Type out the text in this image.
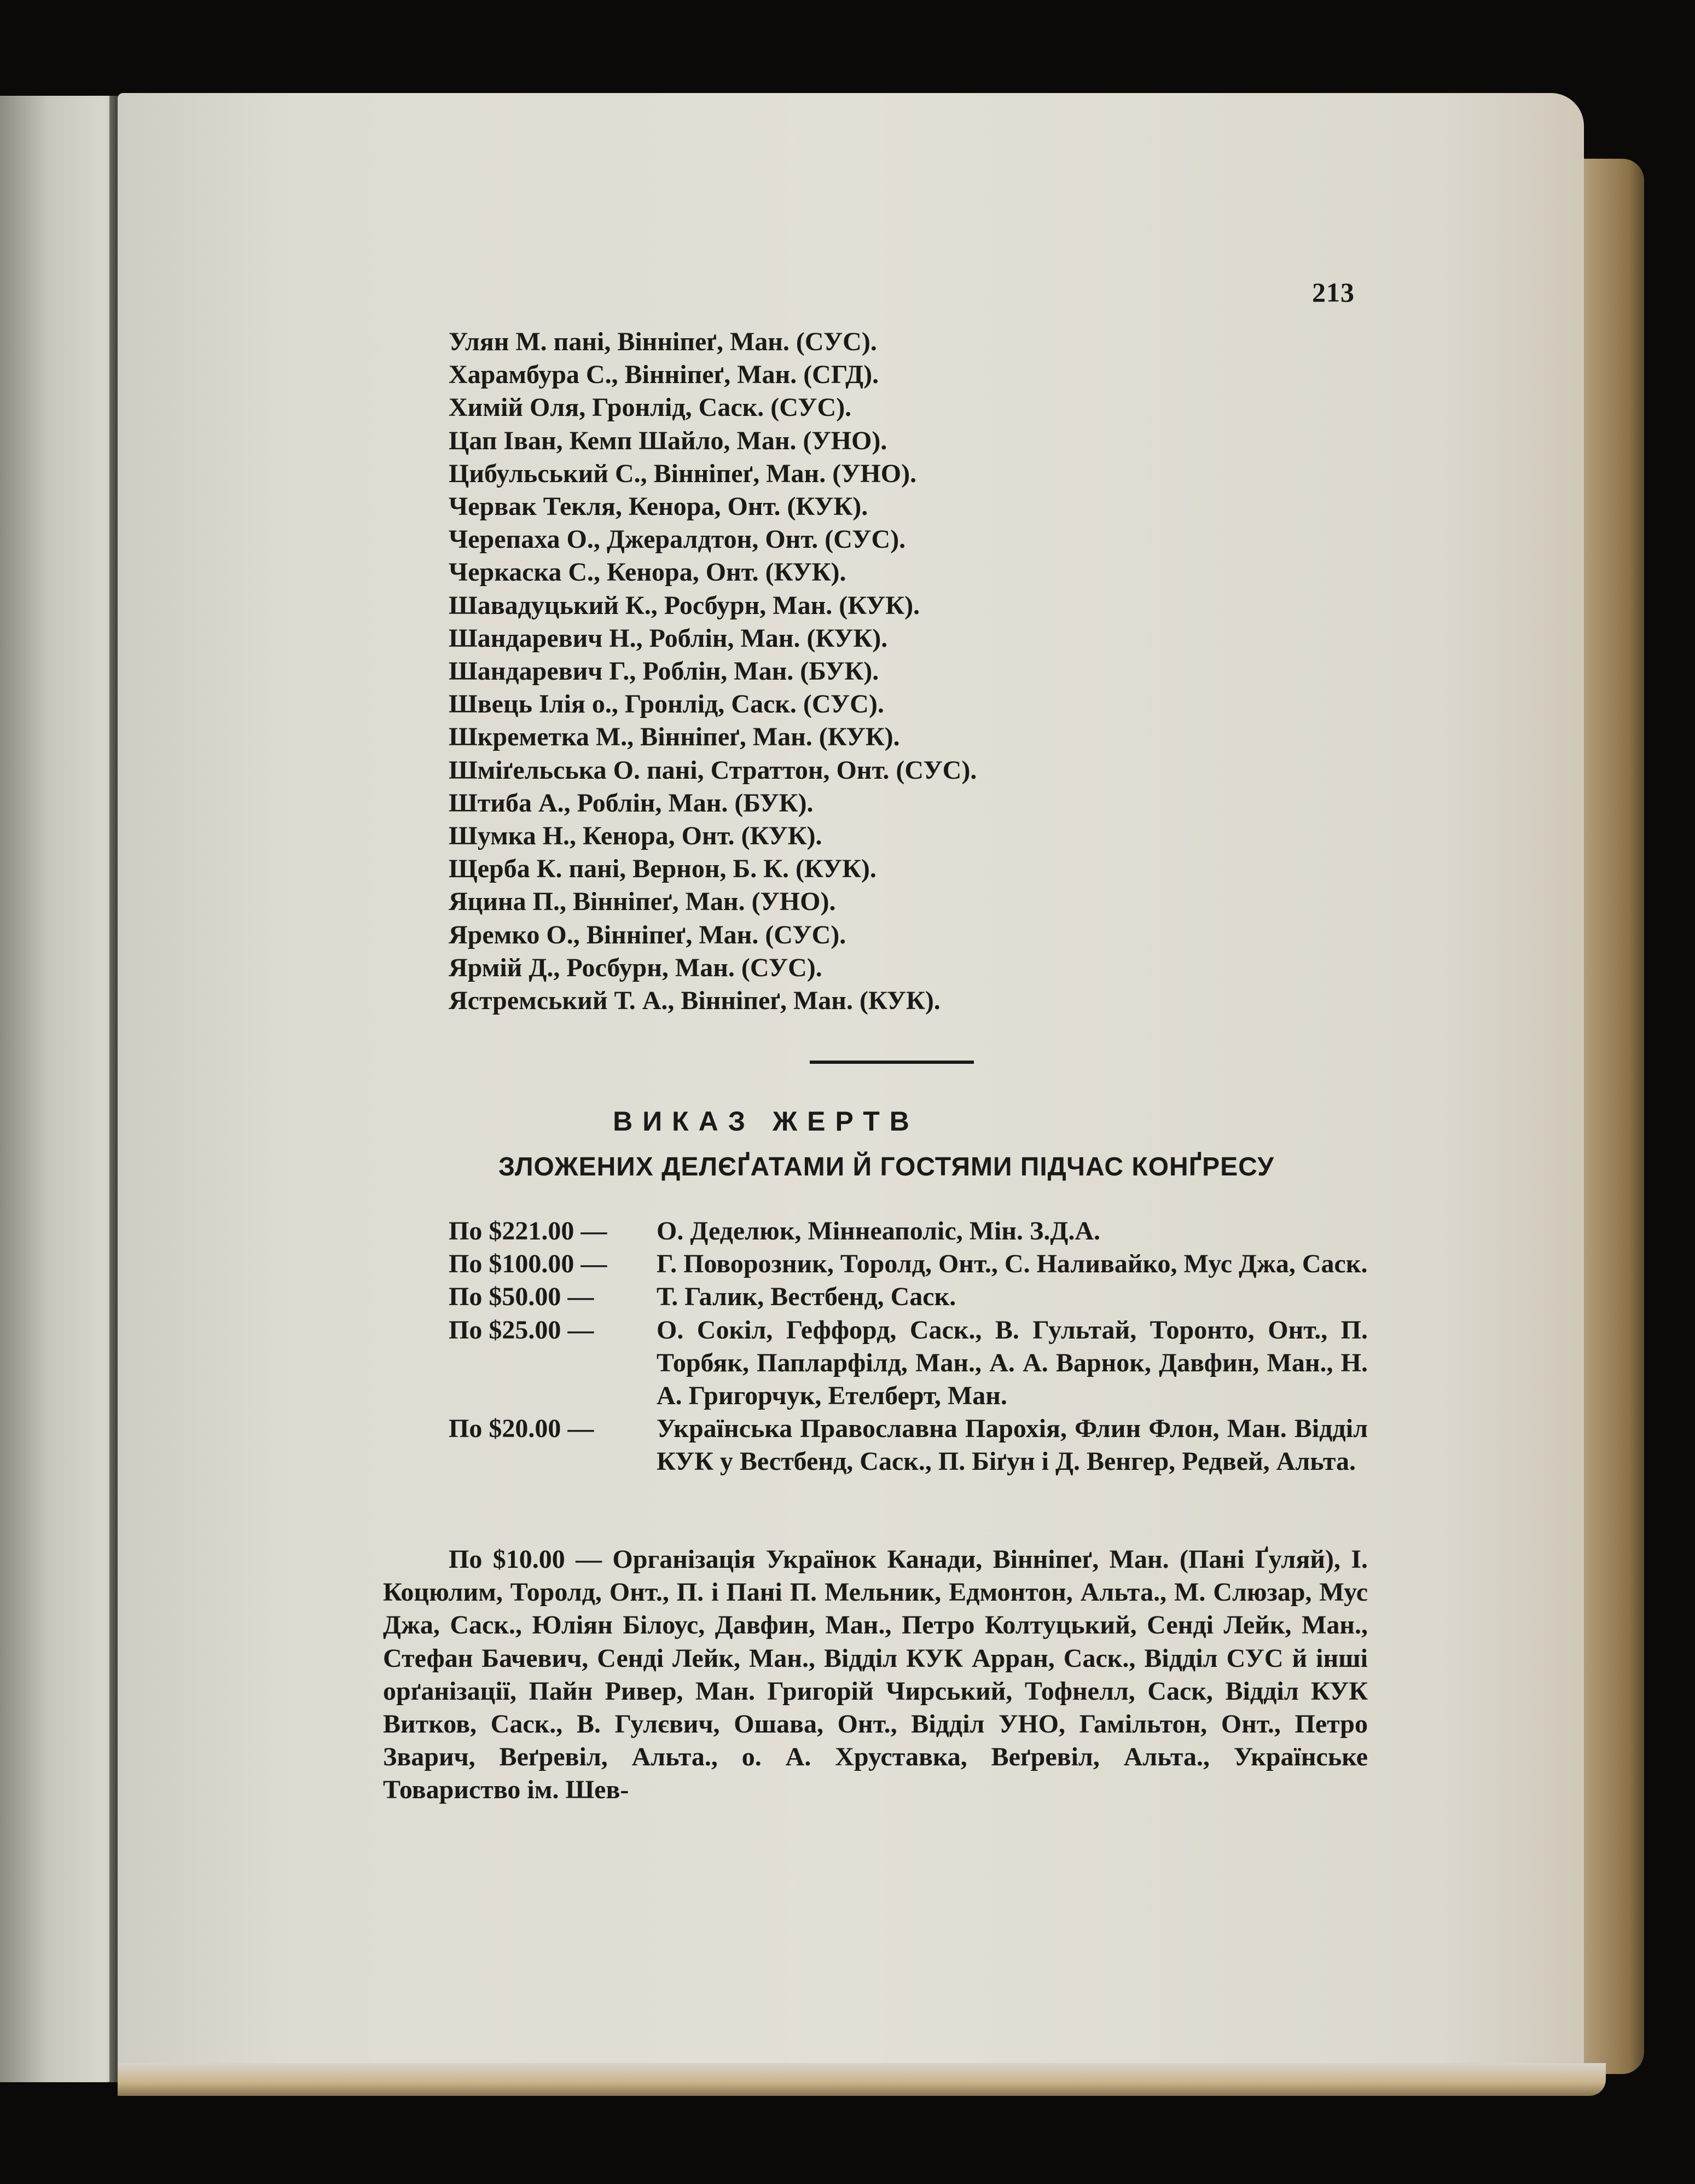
213
Улян М. пані, Вінніпеґ, Ман. (СУС).
Харамбура С., Вінніпеґ, Ман. (СГД).
Химій Оля, Гронлід, Саск. (СУС).
Цап Іван, Кемп Шайло, Ман. (УНО).
Цибульський С., Вінніпеґ, Ман. (УНО).
Червак Текля, Кенора, Онт. (КУК).
Черепаха О., Джералдтон, Онт. (СУС).
Черкаска С., Кенора, Онт. (КУК).
Шавадуцький К., Росбурн, Ман. (КУК).
Шандаревич Н., Роблін, Ман. (КУК).
Шандаревич Г., Роблін, Ман. (БУК).
Швець Ілія о., Гронлід, Саск. (СУС).
Шкреметка М., Вінніпеґ, Ман. (КУК).
Шміґельська О. пані, Страттон, Онт. (СУС).
Штиба А., Роблін, Ман. (БУК).
Шумка Н., Кенора, Онт. (КУК).
Щерба К. пані, Вернон, Б. К. (КУК).
Яцина П., Вінніпеґ, Ман. (УНО).
Яремко О., Вінніпеґ, Ман. (СУС).
Ярмій Д., Росбурн, Ман. (СУС).
Ястремський Т. А., Вінніпеґ, Ман. (КУК).
ВИКАЗ ЖЕРТВ
ЗЛОЖЕНИХ ДЕЛЄҐАТАМИ Й ГОСТЯМИ ПІДЧАС КОНҐРЕСУ
По $221.00 —	О. Деделюк, Міннеаполіс, Мін. З.Д.А.
По $100.00 —	Г. Поворозник, Торолд, Онт., С. Наливайко, Мус Джа, Саск.
По $50.00 —	Т. Галик, Вестбенд, Саск.
По $25.00 —	О. Сокіл, Геффорд, Саск., В. Гультай, Торонто, Онт., П. Торбяк, Папларфілд, Ман., А. А. Варнок, Давфин, Ман., Н. А. Григорчук, Етелберт, Ман.
По $20.00 —	Українська Православна Парохія, Флин Флон, Ман. Відділ КУК у Вестбенд, Саск., П. Біґун і Д. Венгер, Редвей, Альта.
По $10.00 — Організація Українок Канади, Вінніпеґ, Ман. (Пані Ґуляй), І. Коцюлим, Торолд, Онт., П. і Пані П. Мельник, Едмонтон, Альта., М. Слюзар, Мус Джа, Саск., Юліян Білоус, Давфин, Ман., Петро Колтуцький, Сенді Лейк, Ман., Стефан Бачевич, Сенді Лейк, Ман., Відділ КУК Арран, Саск., Відділ СУС й інші орґанізації, Пайн Ривер, Ман. Григорій Чирський, Тофнелл, Саск, Відділ КУК Витков, Саск., В. Гулєвич, Ошава, Онт., Відділ УНО, Гамільтон, Онт., Петро Зварич, Веґревіл, Альта., о. А. Хруставка, Веґревіл, Альта., Українське Товариство ім. Шев-
